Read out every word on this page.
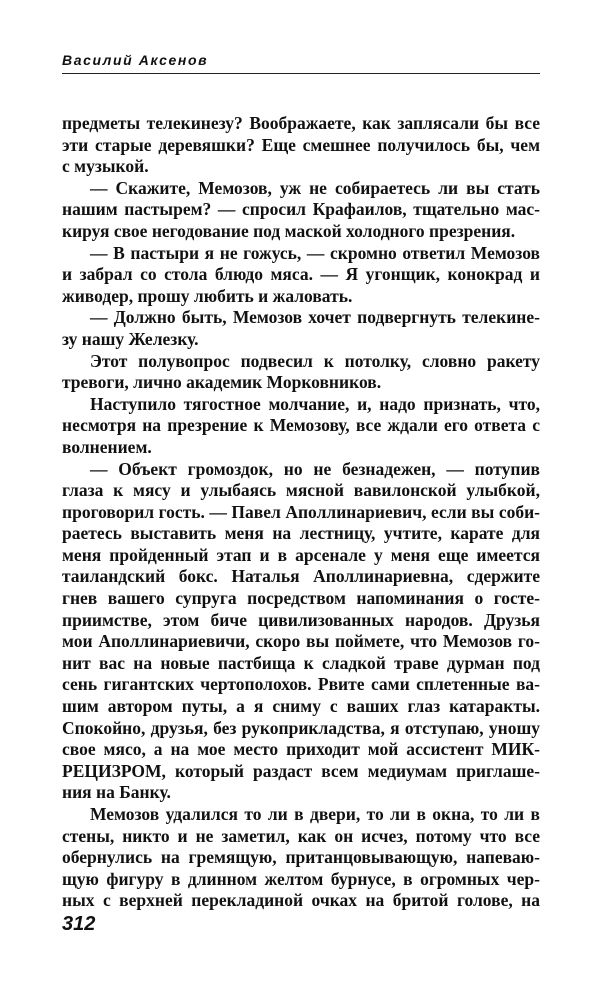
Василий Аксенов
предметы телекинезу? Воображаете, как заплясали бы все
эти старые деревяшки? Еще смешнее получилось бы, чем
с музыкой.
— Скажите, Мемозов, уж не собираетесь ли вы стать
нашим пастырем? — спросил Крафаилов, тщательно мас-
кируя свое негодование под маской холодного презрения.
— В пастыри я не гожусь, — скромно ответил Мемозов
и забрал со стола блюдо мяса. — Я угонщик, конокрад и
живодер, прошу любить и жаловать.
— Должно быть, Мемозов хочет подвергнуть телекине-
зу нашу Железку.
Этот полувопрос подвесил к потолку, словно ракету
тревоги, лично академик Морковников.
Наступило тягостное молчание, и, надо признать, что,
несмотря на презрение к Мемозову, все ждали его ответа с
волнением.
— Объект громоздок, но не безнадежен, — потупив
глаза к мясу и улыбаясь мясной вавилонской улыбкой,
проговорил гость. — Павел Аполлинариевич, если вы соби-
раетесь выставить меня на лестницу, учтите, карате для
меня пройденный этап и в арсенале у меня еще имеется
таиландский бокс. Наталья Аполлинариевна, сдержите
гнев вашего супруга посредством напоминания о госте-
приимстве, этом биче цивилизованных народов. Друзья
мои Аполлинариевичи, скоро вы поймете, что Мемозов го-
нит вас на новые пастбища к сладкой траве дурман под
сень гигантских чертополохов. Рвите сами сплетенные ва-
шим автором путы, а я сниму с ваших глаз катаракты.
Спокойно, друзья, без рукоприкладства, я отступаю, уношу
свое мясо, а на мое место приходит мой ассистент МИК-
РЕЦИЗРОМ, который раздаст всем медиумам приглаше-
ния на Банку.
Мемозов удалился то ли в двери, то ли в окна, то ли в
стены, никто и не заметил, как он исчез, потому что все
обернулись на гремящую, пританцовывающую, напеваю-
щую фигуру в длинном желтом бурнусе, в огромных чер-
ных с верхней перекладиной очках на бритой голове, на
312
